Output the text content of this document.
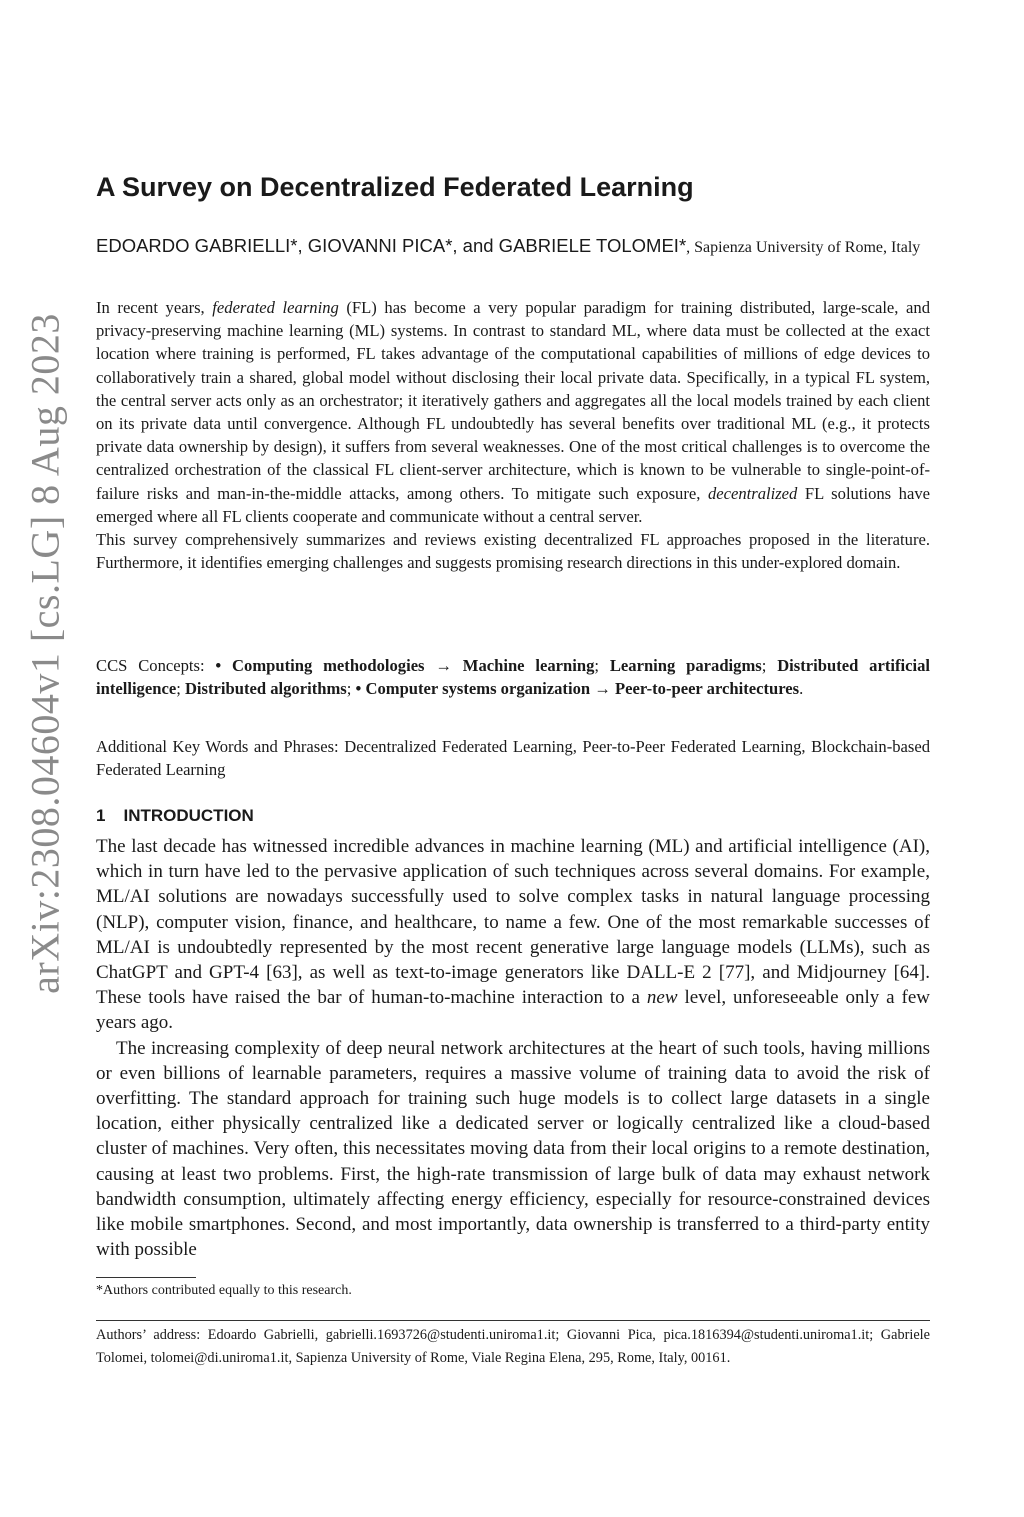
arXiv:2308.04604v1 [cs.LG] 8 Aug 2023
A Survey on Decentralized Federated Learning
EDOARDO GABRIELLI*, GIOVANNI PICA*, and GABRIELE TOLOMEI*, Sapienza University of Rome, Italy

In recent years, federated learning (FL) has become a very popular paradigm for training distributed, large-scale, and privacy-preserving machine learning (ML) systems. In contrast to standard ML, where data must be collected at the exact location where training is performed, FL takes advantage of the computational capabilities of millions of edge devices to collaboratively train a shared, global model without disclosing their local private data. Specifically, in a typical FL system, the central server acts only as an orchestrator; it iteratively gathers and aggregates all the local models trained by each client on its private data until convergence. Although FL undoubtedly has several benefits over traditional ML (e.g., it protects private data ownership by design), it suffers from several weaknesses. One of the most critical challenges is to overcome the centralized orchestration of the classical FL client-server architecture, which is known to be vulnerable to single-point-of-failure risks and man-in-the-middle attacks, among others. To mitigate such exposure, decentralized FL solutions have emerged where all FL clients cooperate and communicate without a central server.

This survey comprehensively summarizes and reviews existing decentralized FL approaches proposed in the literature. Furthermore, it identifies emerging challenges and suggests promising research directions in this under-explored domain.

CCS Concepts: • Computing methodologies → Machine learning; Learning paradigms; Distributed artificial intelligence; Distributed algorithms; • Computer systems organization → Peer-to-peer architectures.
Additional Key Words and Phrases: Decentralized Federated Learning, Peer-to-Peer Federated Learning, Blockchain-based Federated Learning
1 INTRODUCTION

The last decade has witnessed incredible advances in machine learning (ML) and artificial intelligence (AI), which in turn have led to the pervasive application of such techniques across several domains. For example, ML/AI solutions are nowadays successfully used to solve complex tasks in natural language processing (NLP), computer vision, finance, and healthcare, to name a few. One of the most remarkable successes of ML/AI is undoubtedly represented by the most recent generative large language models (LLMs), such as ChatGPT and GPT-4 [63], as well as text-to-image generators like DALL-E 2 [77], and Midjourney [64]. These tools have raised the bar of human-to-machine interaction to a new level, unforeseeable only a few years ago.

The increasing complexity of deep neural network architectures at the heart of such tools, having millions or even billions of learnable parameters, requires a massive volume of training data to avoid the risk of overfitting. The standard approach for training such huge models is to collect large datasets in a single location, either physically centralized like a dedicated server or logically centralized like a cloud-based cluster of machines. Very often, this necessitates moving data from their local origins to a remote destination, causing at least two problems. First, the high-rate transmission of large bulk of data may exhaust network bandwidth consumption, ultimately affecting energy efficiency, especially for resource-constrained devices like mobile smartphones. Second, and most importantly, data ownership is transferred to a third-party entity with possible

*Authors contributed equally to this research.
Authors’ address: Edoardo Gabrielli, gabrielli.1693726@studenti.uniroma1.it; Giovanni Pica, pica.1816394@studenti.uniroma1.it; Gabriele Tolomei, tolomei@di.uniroma1.it, Sapienza University of Rome, Viale Regina Elena, 295, Rome, Italy, 00161.
